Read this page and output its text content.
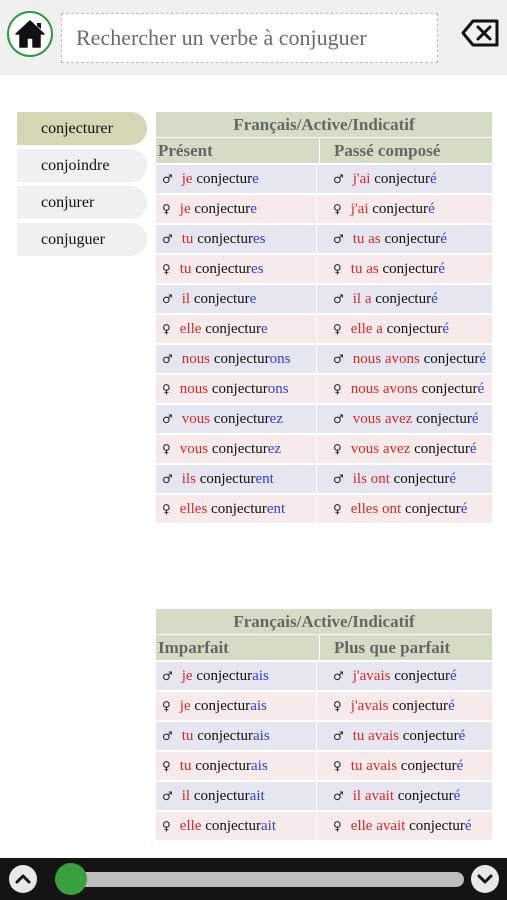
Rechercher un verbe à conjuguer
conjecturer
conjoindre
conjurer
conjuguer
Français/Active/Indicatif
Présent	Passé composé
♂ je conjecture	♂ j'ai conjecturé
♀ je conjecture	♀ j'ai conjecturé
♂ tu conjectures	♂ tu as conjecturé
♀ tu conjectures	♀ tu as conjecturé
♂ il conjecture	♂ il a conjecturé
♀ elle conjecture	♀ elle a conjecturé
♂ nous conjecturons	♂ nous avons conjecturé
♀ nous conjecturons	♀ nous avons conjecturé
♂ vous conjecturez	♂ vous avez conjecturé
♀ vous conjecturez	♀ vous avez conjecturé
♂ ils conjecturent	♂ ils ont conjecturé
♀ elles conjecturent	♀ elles ont conjecturé
Français/Active/Indicatif
Imparfait	Plus que parfait
♂ je conjecturais	♂ j'avais conjecturé
♀ je conjecturais	♀ j'avais conjecturé
♂ tu conjecturais	♂ tu avais conjecturé
♀ tu conjecturais	♀ tu avais conjecturé
♂ il conjecturait	♂ il avait conjecturé
♀ elle conjecturait	♀ elle avait conjecturé
